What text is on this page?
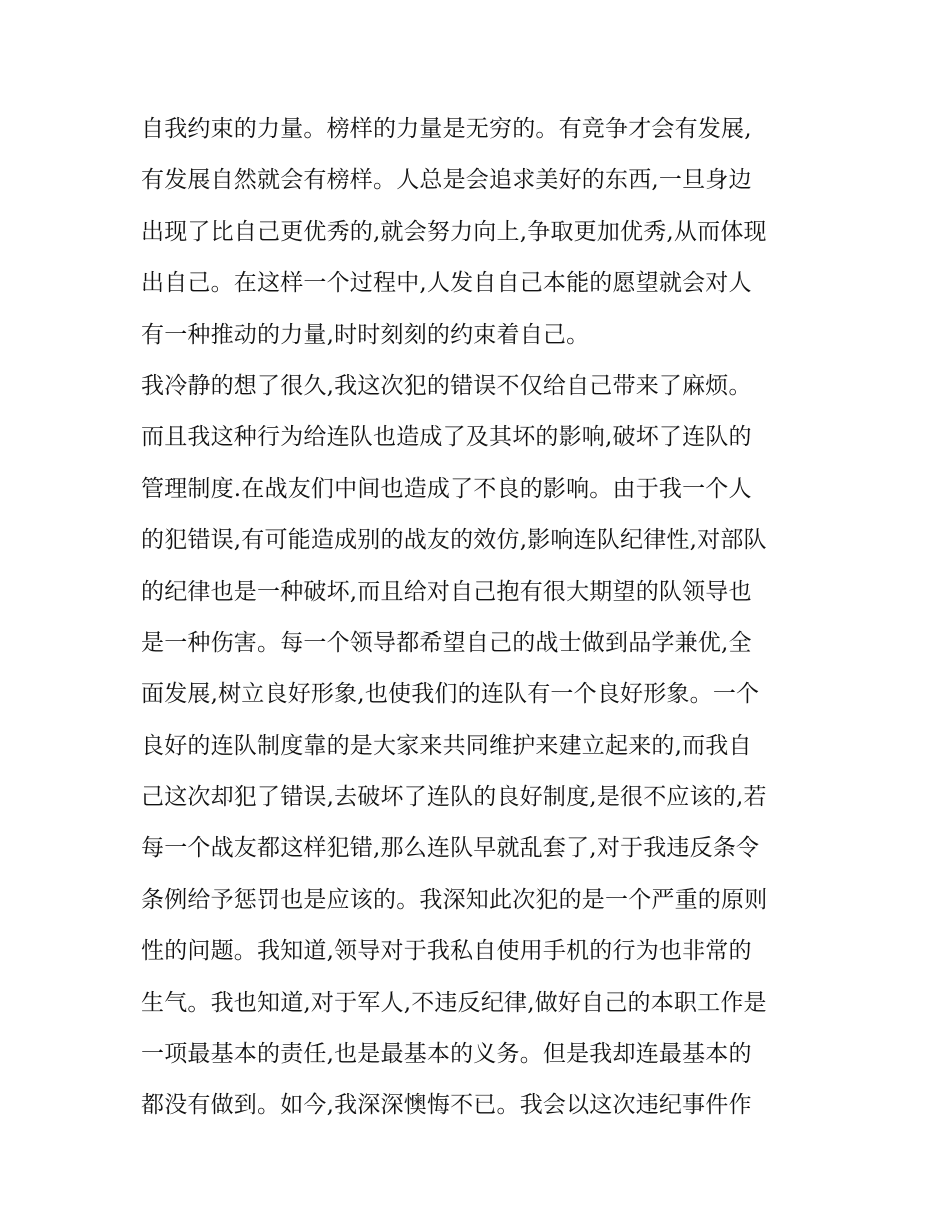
自我约束的力量。榜样的力量是无穷的。有竞争才会有发展,
有发展自然就会有榜样。人总是会追求美好的东西,一旦身边
出现了比自己更优秀的,就会努力向上,争取更加优秀,从而体现
出自己。在这样一个过程中,人发自自己本能的愿望就会对人
有一种推动的力量,时时刻刻的约束着自己。
我冷静的想了很久,我这次犯的错误不仅给自己带来了麻烦。
而且我这种行为给连队也造成了及其坏的影响,破坏了连队的
管理制度.在战友们中间也造成了不良的影响。由于我一个人
的犯错误,有可能造成别的战友的效仿,影响连队纪律性,对部队
的纪律也是一种破坏,而且给对自己抱有很大期望的队领导也
是一种伤害。每一个领导都希望自己的战士做到品学兼优,全
面发展,树立良好形象,也使我们的连队有一个良好形象。一个
良好的连队制度靠的是大家来共同维护来建立起来的,而我自
己这次却犯了错误,去破坏了连队的良好制度,是很不应该的,若
每一个战友都这样犯错,那么连队早就乱套了,对于我违反条令
条例给予惩罚也是应该的。我深知此次犯的是一个严重的原则
性的问题。我知道,领导对于我私自使用手机的行为也非常的
生气。我也知道,对于军人,不违反纪律,做好自己的本职工作是
一项最基本的责任,也是最基本的义务。但是我却连最基本的
都没有做到。如今,我深深懊悔不已。我会以这次违纪事件作
